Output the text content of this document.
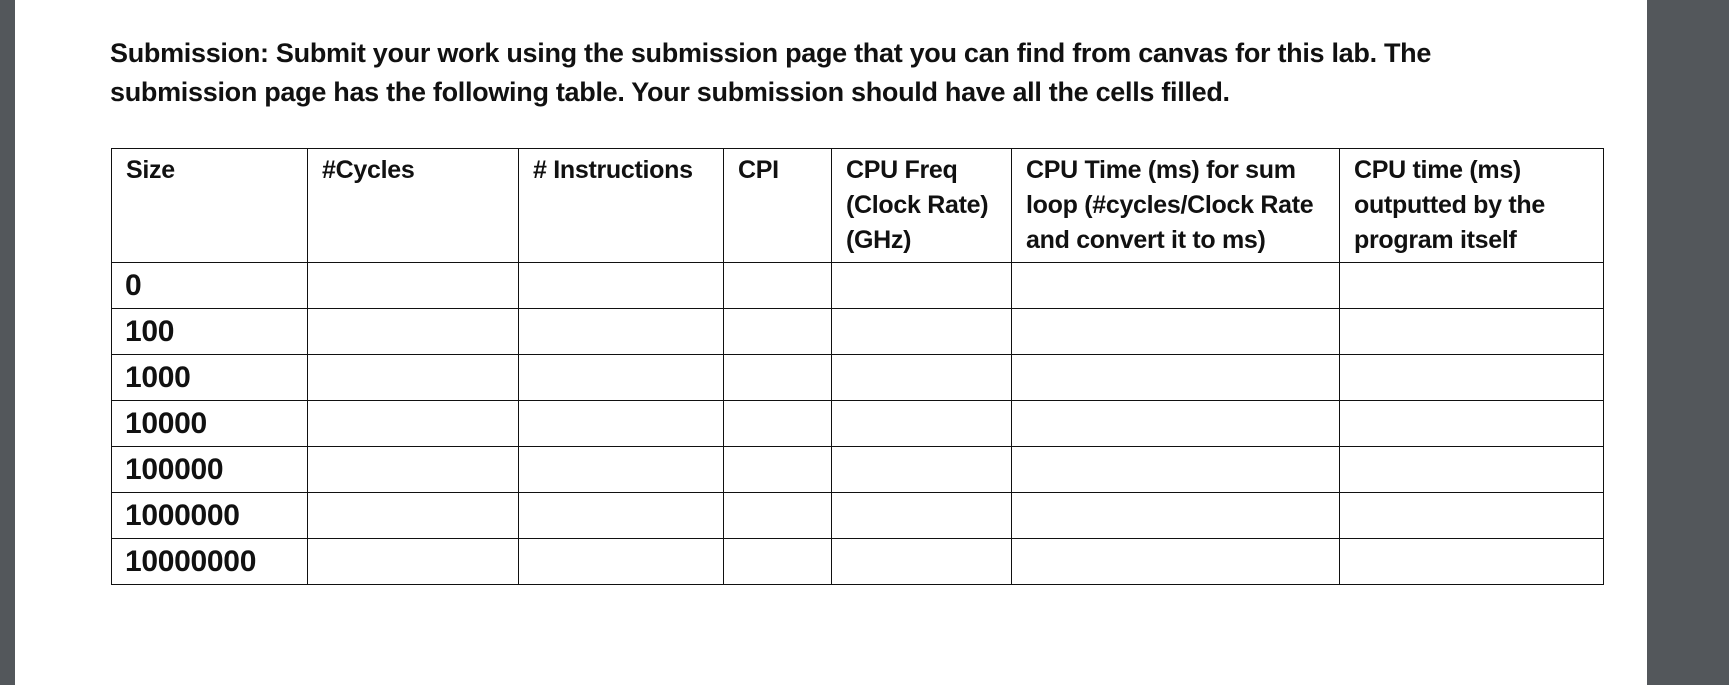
Submission: Submit your work using the submission page that you can find from canvas for this lab. The submission page has the following table. Your submission should have all the cells filled.

Size	#Cycles	# Instructions	CPI	CPU Freq (Clock Rate) (GHz)	CPU Time (ms) for sum loop (#cycles/Clock Rate and convert it to ms)	CPU time (ms) outputted by the program itself
0						
100						
1000						
10000						
100000						
1000000						
10000000						
